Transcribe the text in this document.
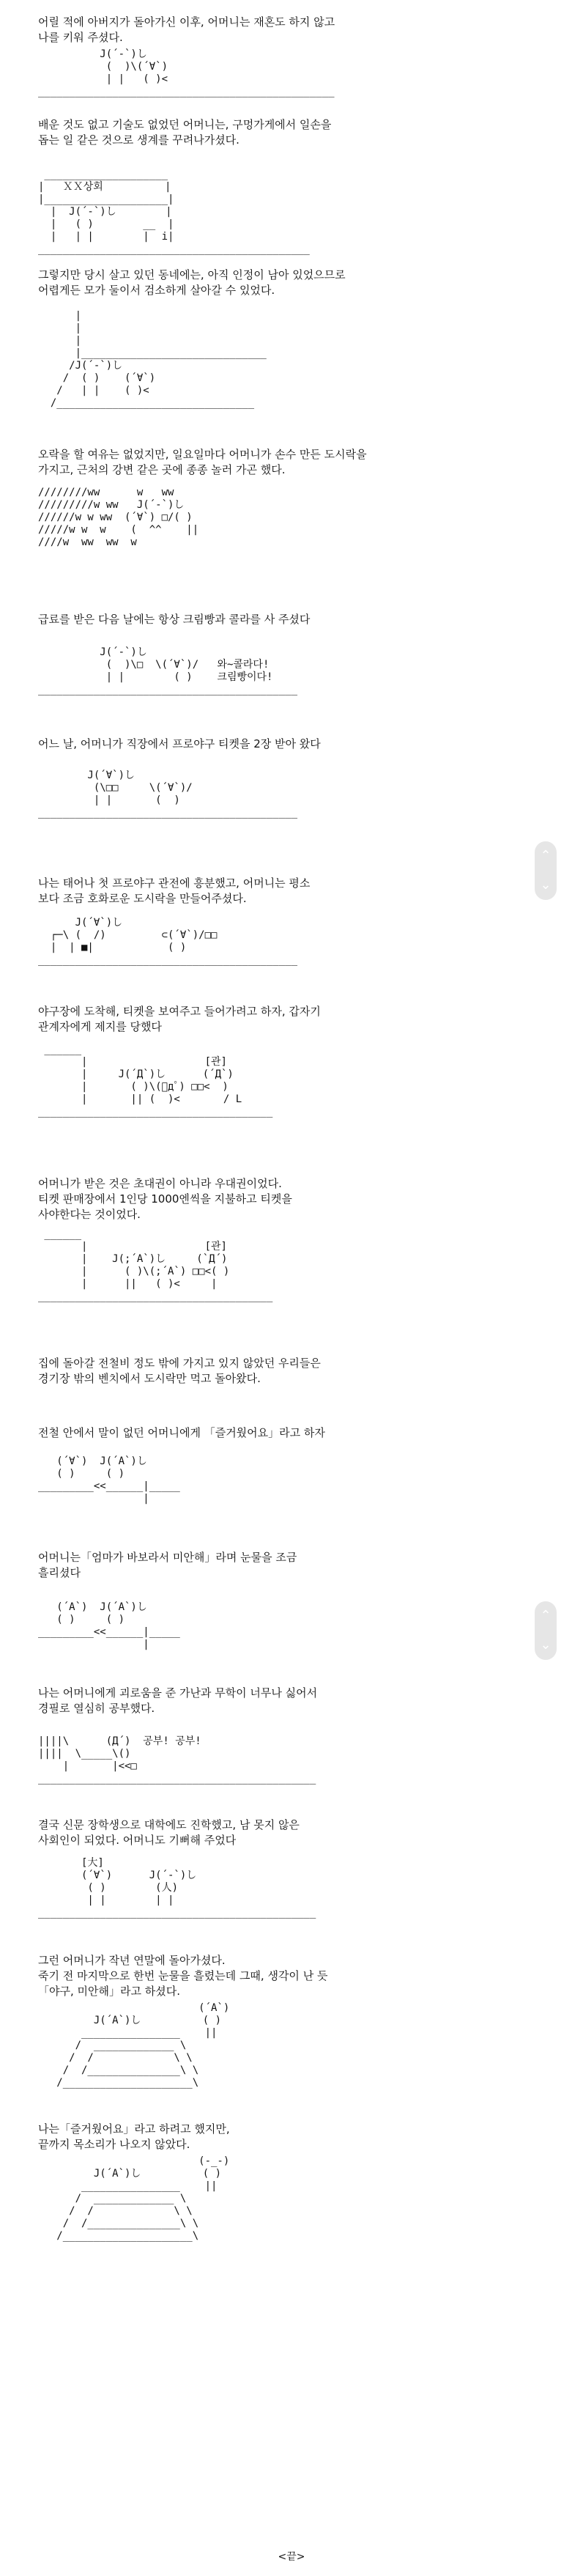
어릴 적에 아버지가 돌아가신 이후, 어머니는 재혼도 하지 않고
나를 키워 주셨다.
J(´-`)し
(  )\(´∀`)
| |   ( )<
________________________________________________
배운 것도 없고 기술도 없었던 어머니는, 구멍가게에서 일손을
돕는 일 같은 것으로 생계를 꾸려나가셨다.
____________________
|   ＸＸ상회          |
|____________________|
|  J(´-`)し        |
|   ( )        __  |
|   | |        |  i|
____________________________________________
그렇지만 당시 살고 있던 동네에는, 아직 인정이 남아 있었으므로
어렵게든 모가 둘이서 검소하게 살아갈 수 있었다.
|
|
|
|______________________________
/J(´-`)し
/  ( )    (´∀`)
/   | |    ( )<
/________________________________
오락을 할 여유는 없었지만, 일요일마다 어머니가 손수 만든 도시락을
가지고, 근처의 강변 같은 곳에 종종 놀러 가곤 했다.
////////ww      w   ww
/////////w ww   J(´-`)し
//////w w ww  (´∀`) □/( )
/////w w  w    (  ^^    ||
////w  ww  ww  w
급료를 받은 다음 날에는 항상 크림빵과 콜라를 사 주셨다
J(´-`)し
(  )\□  \(´∀`)/   와~콜라다!
| |        ( )    크림빵이다!
__________________________________________
어느 날, 어머니가 직장에서 프로야구 티켓을 2장 받아 왔다
J(´∀`)し
(\□□     \(´∀`)/
| |       (  )
__________________________________________
나는 태어나 첫 프로야구 관전에 흥분했고, 어머니는 평소
보다 조금 호화로운 도시락을 만들어주셨다.
J(´∀`)し
┌─\ (  /)         ⊂(´∀`)/□□
|  | ■|            ( )
__________________________________________
야구장에 도착해, 티켓을 보여주고 들어가려고 하자, 갑자기
관계자에게 제지를 당했다
______
|                   [관]
|     J(´Д`)し      (´Д`)
|       ( )\(ﾟдﾟ) □□<  )
|       || (  )<       / L
______________________________________
어머니가 받은 것은 초대권이 아니라 우대권이었다.
티켓 판매장에서 1인당 1000엔씩을 지불하고 티켓을
사야한다는 것이었다.
______
|                   [관]
|    J(;´A`)し     (`Д´)
|      ( )\(;´A`) □□<( )
|      ||   ( )<     |
______________________________________
집에 돌아갈 전철비 정도 밖에 가지고 있지 않았던 우리들은
경기장 밖의 벤치에서 도시락만 먹고 돌아왔다.
전철 안에서 말이 없던 어머니에게 「즐거웠어요」라고 하자
(´∀`)  J(´A`)し
( )     ( )
_________<<______|_____
|
어머니는「엄마가 바보라서 미안해」라며 눈물을 조금
흘리셨다
(´A`)  J(´A`)し
( )     ( )
_________<<______|_____
|
나는 어머니에게 괴로움을 준 가난과 무학이 너무나 싫어서
경필로 열심히 공부했다.
||||\      (Д´)  공부! 공부!
||||  \_____\()
|       |<<□
_____________________________________________
결국 신문 장학생으로 대학에도 진학했고, 남 못지 않은
사회인이 되었다. 어머니도 기뻐해 주었다
[大]
(´∀`)      J(´-`)し
( )        (人)
| |        | |
_____________________________________________
그런 어머니가 작년 연말에 돌아가셨다.
죽기 전 마지막으로 한번 눈물을 흘렸는데 그때, 생각이 난 듯
「야구, 미안해」라고 하셨다.
(´A`)
J(´A`)し          ( )
________________    ||
/  _____________ \
/  /             \ \
/  /_______________\ \
/_____________________\
나는「즐거웠어요」라고 하려고 했지만,
끝까지 목소리가 나오지 않았다.
(-_-)
J(´A`)し          ( )
________________    ||
/  _____________ \
/  /             \ \
/  /_______________\ \
/_____________________\
<끝>
⌃
⌄
⌃
⌄
